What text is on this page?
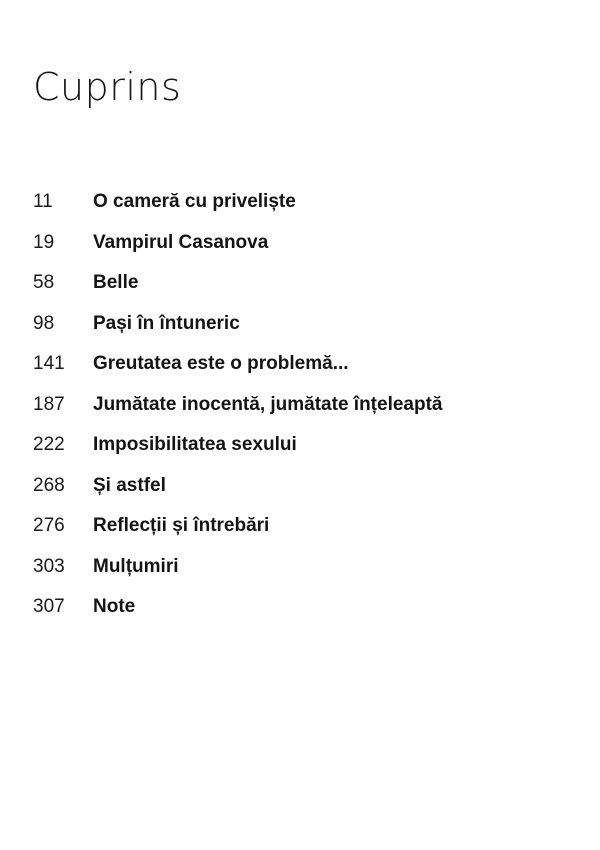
Cuprins
11	O cameră cu priveliște
19	Vampirul Casanova
58	Belle
98	Pași în întuneric
141	Greutatea este o problemă...
187	Jumătate inocentă, jumătate înțeleaptă
222	Imposibilitatea sexului
268	Și astfel
276	Reflecții și întrebări
303	Mulțumiri
307	Note
